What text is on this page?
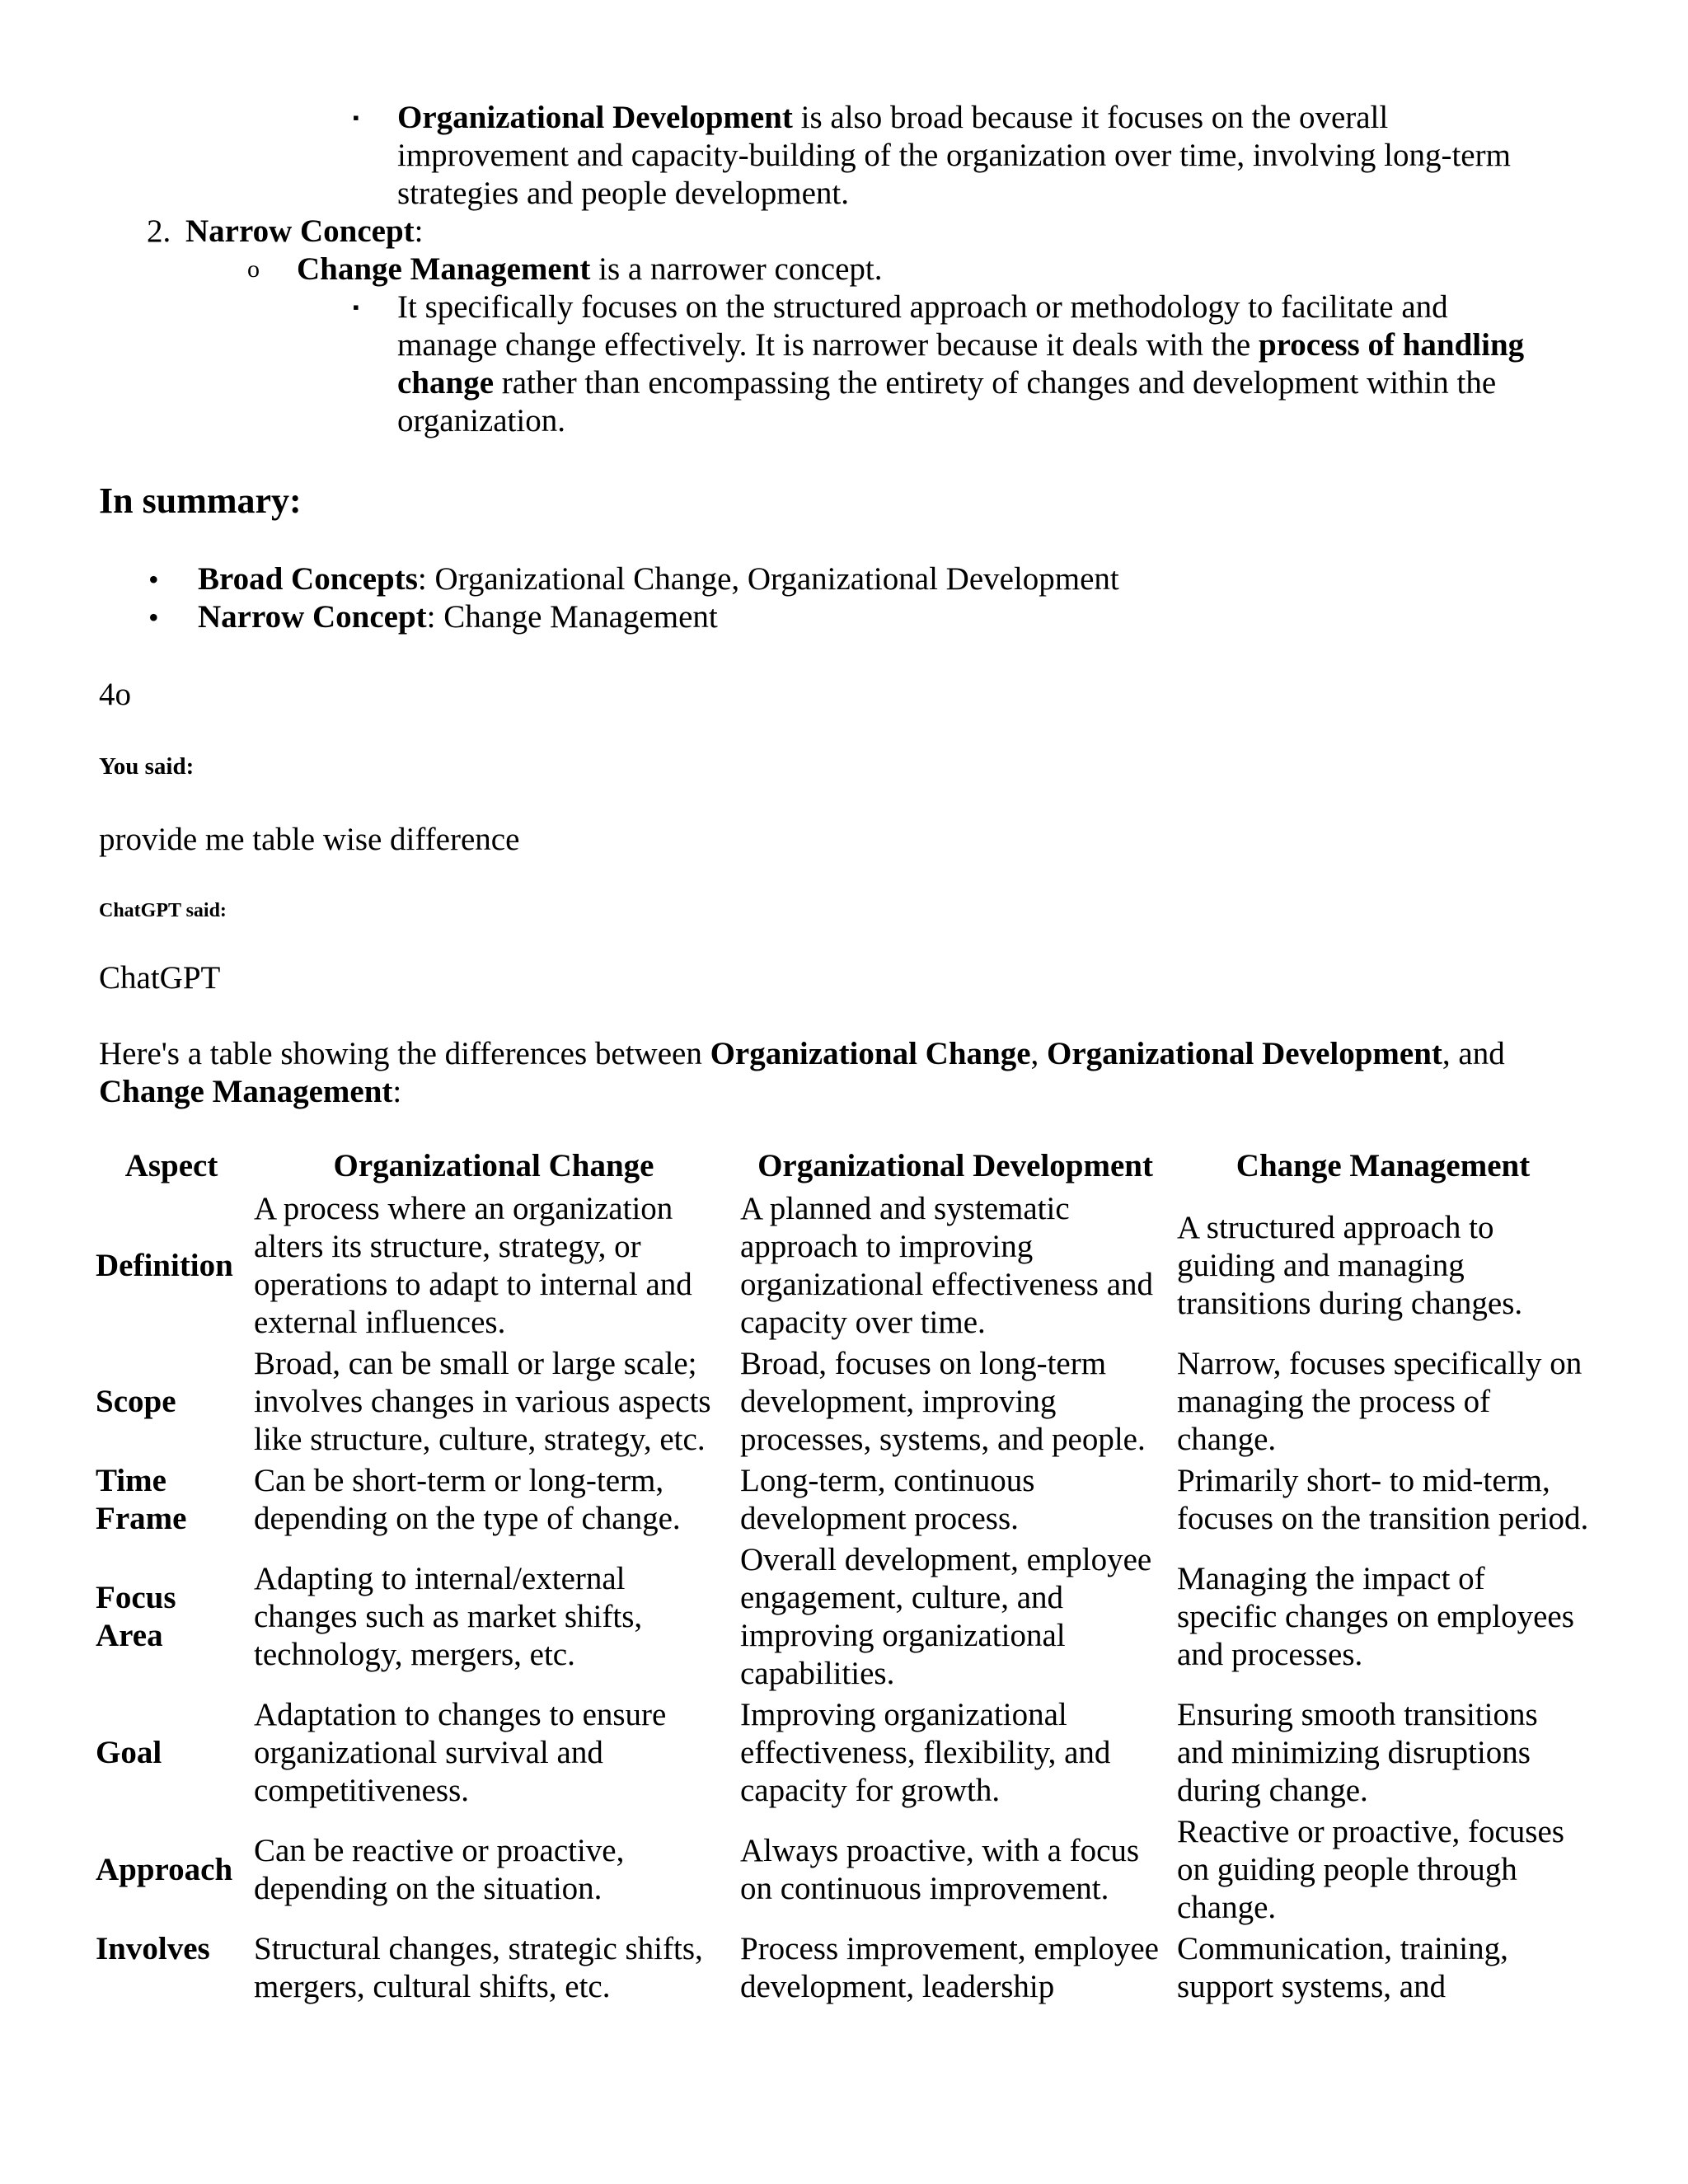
▪ Organizational Development is also broad because it focuses on the overall
improvement and capacity-building of the organization over time, involving long-term
strategies and people development.
2. Narrow Concept:
o Change Management is a narrower concept.
▪ It specifically focuses on the structured approach or methodology to facilitate and
manage change effectively. It is narrower because it deals with the process of handling
change rather than encompassing the entirety of changes and development within the
organization.
In summary:
• Broad Concepts: Organizational Change, Organizational Development
• Narrow Concept: Change Management
4o
You said:
provide me table wise difference
ChatGPT said:
ChatGPT
Here's a table showing the differences between Organizational Change, Organizational Development, and
Change Management:
Aspect	Organizational Change	Organizational Development	Change Management
Definition	A process where an organization alters its structure, strategy, or operations to adapt to internal and external influences.	A planned and systematic approach to improving organizational effectiveness and capacity over time.	A structured approach to guiding and managing transitions during changes.
Scope	Broad, can be small or large scale; involves changes in various aspects like structure, culture, strategy, etc.	Broad, focuses on long-term development, improving processes, systems, and people.	Narrow, focuses specifically on managing the process of change.
Time Frame	Can be short-term or long-term, depending on the type of change.	Long-term, continuous development process.	Primarily short- to mid-term, focuses on the transition period.
Focus Area	Adapting to internal/external changes such as market shifts, technology, mergers, etc.	Overall development, employee engagement, culture, and improving organizational capabilities.	Managing the impact of specific changes on employees and processes.
Goal	Adaptation to changes to ensure organizational survival and competitiveness.	Improving organizational effectiveness, flexibility, and capacity for growth.	Ensuring smooth transitions and minimizing disruptions during change.
Approach	Can be reactive or proactive, depending on the situation.	Always proactive, with a focus on continuous improvement.	Reactive or proactive, focuses on guiding people through change.
Involves	Structural changes, strategic shifts, mergers, cultural shifts, etc.	Process improvement, employee development, leadership	Communication, training, support systems, and
